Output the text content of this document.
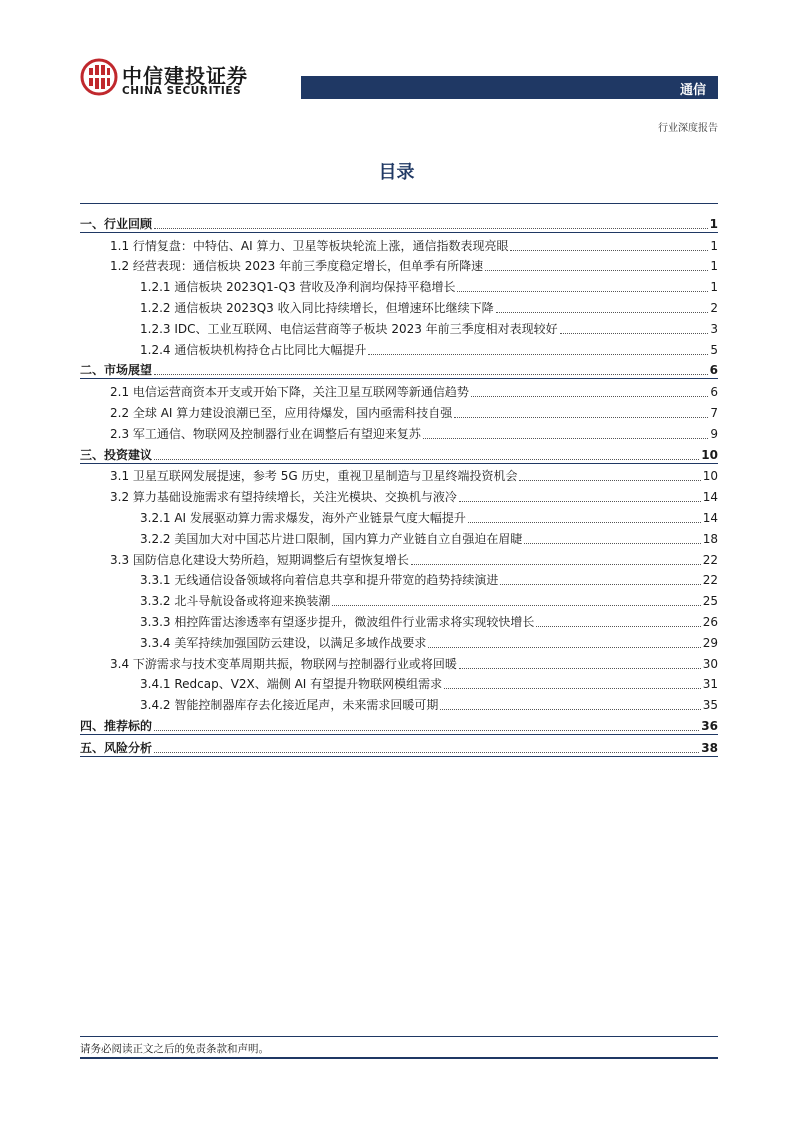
中信建投证券
CHINA SECURITIES	通信
行业深度报告
目录
一、行业回顾	1
1.1 行情复盘：中特估、AI 算力、卫星等板块轮流上涨，通信指数表现亮眼	1
1.2 经营表现：通信板块 2023 年前三季度稳定增长，但单季有所降速	1
1.2.1 通信板块 2023Q1-Q3 营收及净利润均保持平稳增长	1
1.2.2 通信板块 2023Q3 收入同比持续增长，但增速环比继续下降	2
1.2.3 IDC、工业互联网、电信运营商等子板块 2023 年前三季度相对表现较好	3
1.2.4 通信板块机构持仓占比同比大幅提升	5
二、市场展望	6
2.1 电信运营商资本开支或开始下降，关注卫星互联网等新通信趋势	6
2.2 全球 AI 算力建设浪潮已至，应用待爆发，国内亟需科技自强	7
2.3 军工通信、物联网及控制器行业在调整后有望迎来复苏	9
三、投资建议	10
3.1 卫星互联网发展提速，参考 5G 历史，重视卫星制造与卫星终端投资机会	10
3.2 算力基础设施需求有望持续增长，关注光模块、交换机与液冷	14
3.2.1 AI 发展驱动算力需求爆发，海外产业链景气度大幅提升	14
3.2.2 美国加大对中国芯片进口限制，国内算力产业链自立自强迫在眉睫	18
3.3 国防信息化建设大势所趋，短期调整后有望恢复增长	22
3.3.1 无线通信设备领域将向着信息共享和提升带宽的趋势持续演进	22
3.3.2 北斗导航设备或将迎来换装潮	25
3.3.3 相控阵雷达渗透率有望逐步提升，微波组件行业需求将实现较快增长	26
3.3.4 美军持续加强国防云建设，以满足多域作战要求	29
3.4 下游需求与技术变革周期共振，物联网与控制器行业或将回暖	30
3.4.1 Redcap、V2X、端侧 AI 有望提升物联网模组需求	31
3.4.2 智能控制器库存去化接近尾声，未来需求回暖可期	35
四、推荐标的	36
五、风险分析	38
请务必阅读正文之后的免责条款和声明。
